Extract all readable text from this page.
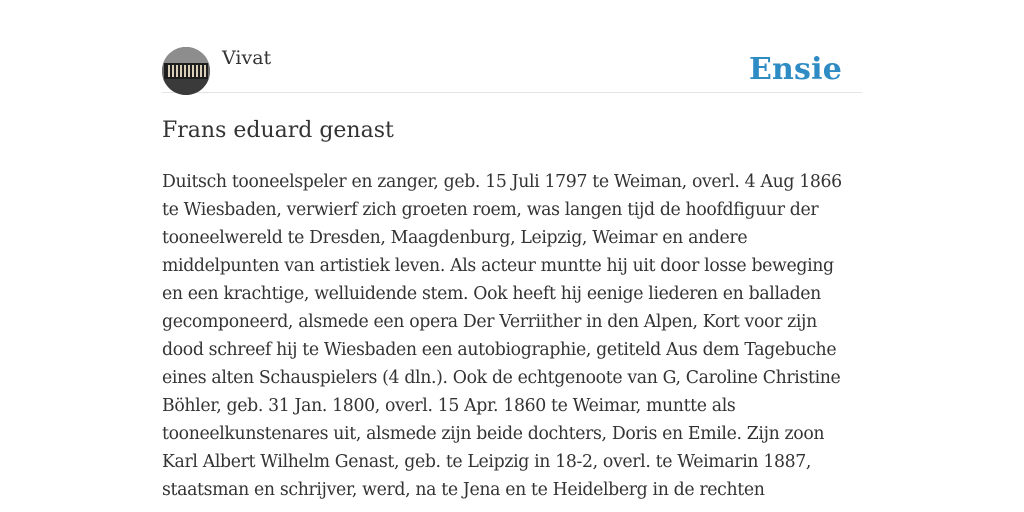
Vivat	Ensie
Frans eduard genast
Duitsch tooneelspeler en zanger, geb. 15 Juli 1797 te Weiman, overl. 4 Aug 1866
te Wiesbaden, verwierf zich groeten roem, was langen tijd de hoofdfiguur der
tooneelwereld te Dresden, Maagdenburg, Leipzig, Weimar en andere
middelpunten van artistiek leven. Als acteur muntte hij uit door losse beweging
en een krachtige, welluidende stem. Ook heeft hij eenige liederen en balladen
gecomponeerd, alsmede een opera Der Verriither in den Alpen, Kort voor zijn
dood schreef hij te Wiesbaden een autobiographie, getiteld Aus dem Tagebuche
eines alten Schauspielers (4 dln.). Ook de echtgenoote van G, Caroline Christine
Böhler, geb. 31 Jan. 1800, overl. 15 Apr. 1860 te Weimar, muntte als
tooneelkunstenares uit, alsmede zijn beide dochters, Doris en Emile. Zijn zoon
Karl Albert Wilhelm Genast, geb. te Leipzig in 18-2, overl. te Weimarin 1887,
staatsman en schrijver, werd, na te Jena en te Heidelberg in de rechten
